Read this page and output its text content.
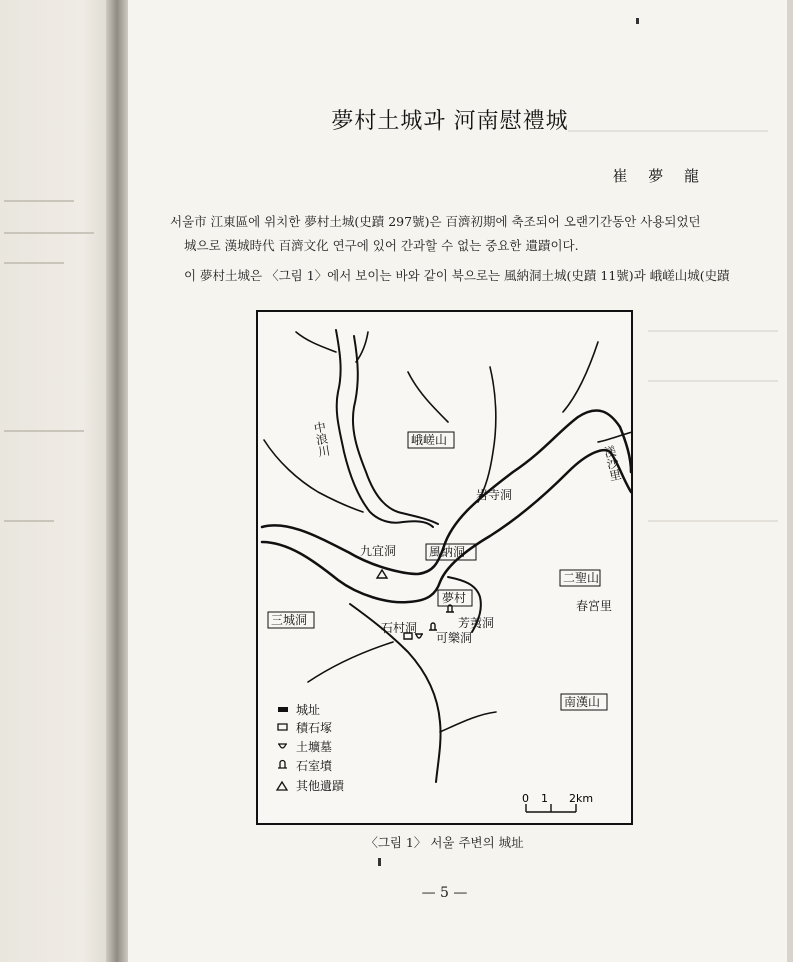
夢村土城과 河南慰禮城
崔 夢 龍
서울市 江東區에 위치한 夢村土城(史蹟 297號)은 百濟初期에 축조되어 오랜기간동안 사용되었던
城으로 漢城時代 百濟文化 연구에 있어 간과할 수 없는 중요한 遺蹟이다.
이 夢村土城은 〈그림 1〉에서 보이는 바와 같이 북으로는 風納洞土城(史蹟 11號)과 峨嵯山城(史蹟
峨嵯山
風納洞
夢村
三城洞
二聖山
南漢山
岩寺洞
九宜洞
石村洞	芳荑洞
可樂洞
春宮里
中浪川
渼沙里
城址
積石塚
土壙墓
石室墳
其他遺蹟
0 1 2km
〈그림 1〉 서울 주변의 城址
— 5 —
